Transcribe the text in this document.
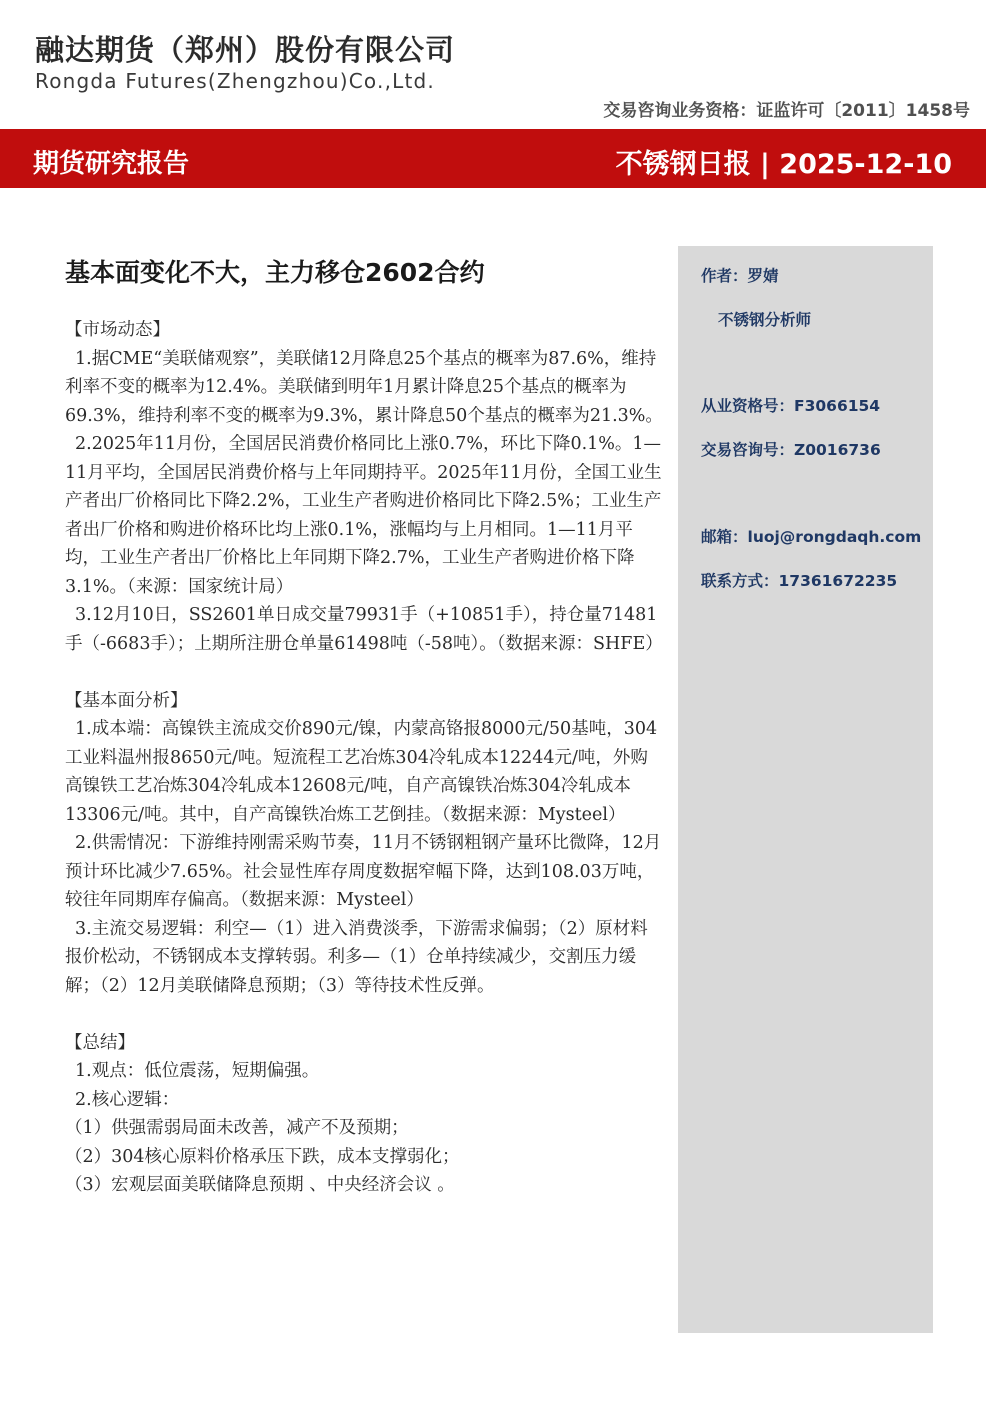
融达期货（郑州）股份有限公司
Rongda Futures(Zhengzhou)Co.,Ltd.
交易咨询业务资格：证监许可〔2011〕1458号
期货研究报告	不锈钢日报 | 2025-12-10
基本面变化不大，主力移仓2602合约

【市场动态】

1.据CME“美联储观察”，美联储12月降息25个基点的概率为87.6%，维持利率不变的概率为12.4%。美联储到明年1月累计降息25个基点的概率为69.3%，维持利率不变的概率为9.3%，累计降息50个基点的概率为21.3%。

2.2025年11月份，全国居民消费价格同比上涨0.7%，环比下降0.1%。1—11月平均，全国居民消费价格与上年同期持平。2025年11月份，全国工业生产者出厂价格同比下降2.2%，工业生产者购进价格同比下降2.5%；工业生产者出厂价格和购进价格环比均上涨0.1%，涨幅均与上月相同。1—11月平均，工业生产者出厂价格比上年同期下降2.7%，工业生产者购进价格下降3.1%。（来源：国家统计局）

3.12月10日，SS2601单日成交量79931手（+10851手），持仓量71481手（-6683手）；上期所注册仓单量61498吨（-58吨）。（数据来源：SHFE）

【基本面分析】

1.成本端：高镍铁主流成交价890元/镍，内蒙高铬报8000元/50基吨，304工业料温州报8650元/吨。短流程工艺冶炼304冷轧成本12244元/吨，外购高镍铁工艺冶炼304冷轧成本12608元/吨，自产高镍铁冶炼304冷轧成本13306元/吨。其中，自产高镍铁冶炼工艺倒挂。（数据来源：Mysteel）

2.供需情况：下游维持刚需采购节奏，11月不锈钢粗钢产量环比微降，12月预计环比减少7.65%。社会显性库存周度数据窄幅下降，达到108.03万吨，较往年同期库存偏高。（数据来源：Mysteel）

3.主流交易逻辑：利空—（1）进入消费淡季，下游需求偏弱；（2）原材料报价松动，不锈钢成本支撑转弱。利多—（1）仓单持续减少，交割压力缓解；（2）12月美联储降息预期；（3）等待技术性反弹。

【总结】

1.观点：低位震荡，短期偏强。

2.核心逻辑：

（1）供强需弱局面未改善，减产不及预期；

（2）304核心原料价格承压下跌，成本支撑弱化；

（3）宏观层面美联储降息预期 、中央经济会议 。

作者：罗婧
不锈钢分析师
从业资格号：F3066154
交易咨询号：Z0016736
邮箱：luoj@rongdaqh.com
联系方式：17361672235
